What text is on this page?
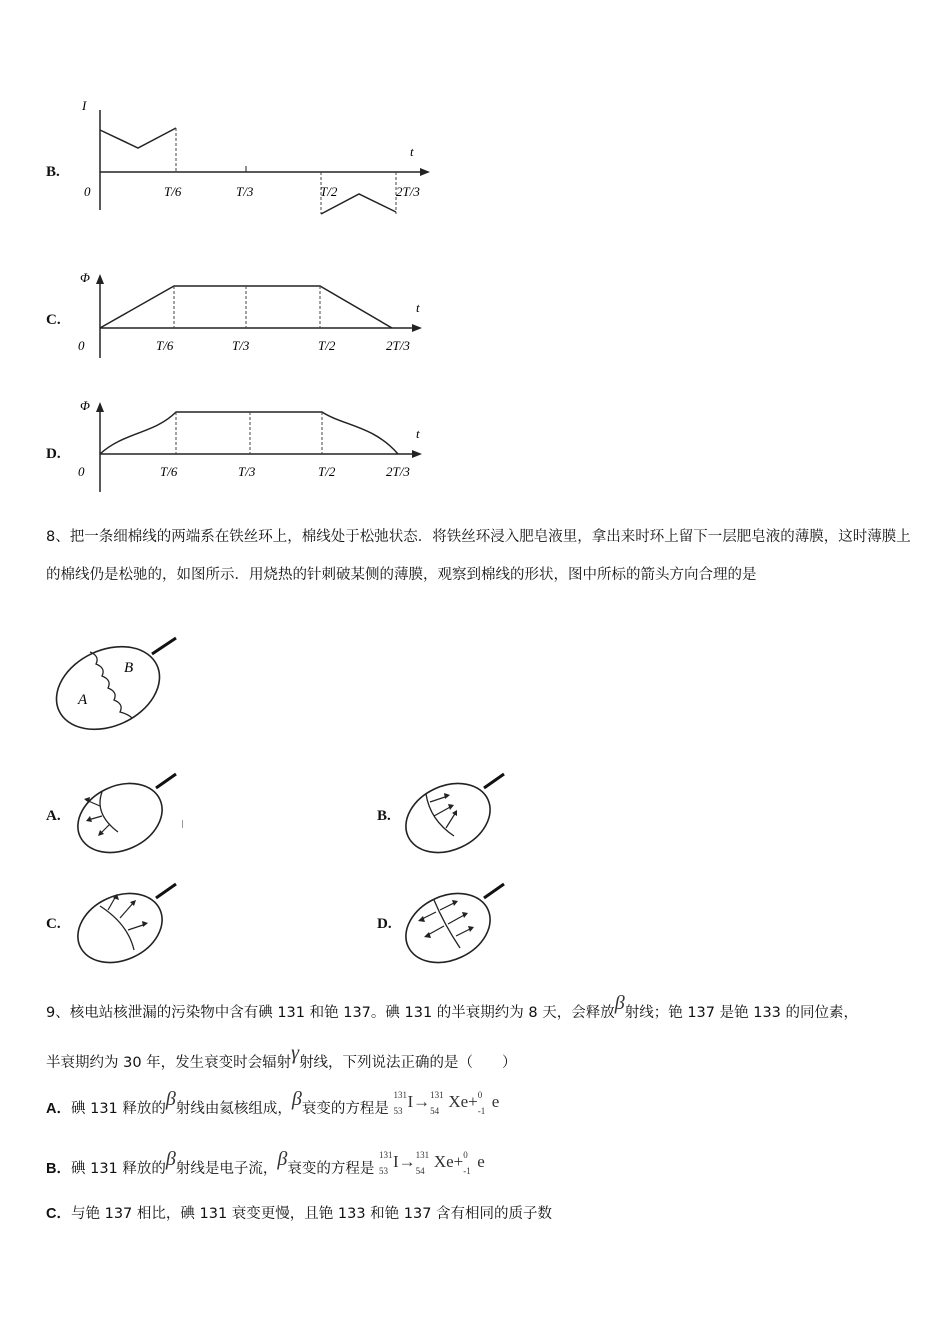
B.
I
t
0	T/6	T/3	T/2	2T/3
C.
Φ
t
0	T/6	T/3	T/2	2T/3
D.
Φ
t
0	T/6	T/3	T/2	2T/3
8、把一条细棉线的两端系在铁丝环上，棉线处于松弛状态．将铁丝环浸入肥皂液里，拿出来时环上留下一层肥皂液的薄膜，这时薄膜上的棉线仍是松驰的，如图所示．用烧热的针刺破某侧的薄膜，观察到棉线的形状，图中所标的箭头方向合理的是
B
A
A.	B.
C.	D.
9、核电站核泄漏的污染物中含有碘 131 和铯 137。碘 131 的半衰期约为 8 天，会释放β射线；铯 137 是铯 133 的同位素，
半衰期约为 30 年，发生衰变时会辐射γ射线，下列说法正确的是（　　）
A．碘 131 释放的β射线由氦核组成，β衰变的方程是
131
53
I→ 131
54
Xe+ 0
-1
e
B．碘 131 释放的β射线是电子流，β衰变的方程是
131
53
I→ 131
54
Xe+ 0
-1
e
C．与铯 137 相比，碘 131 衰变更慢，且铯 133 和铯 137 含有相同的质子数
